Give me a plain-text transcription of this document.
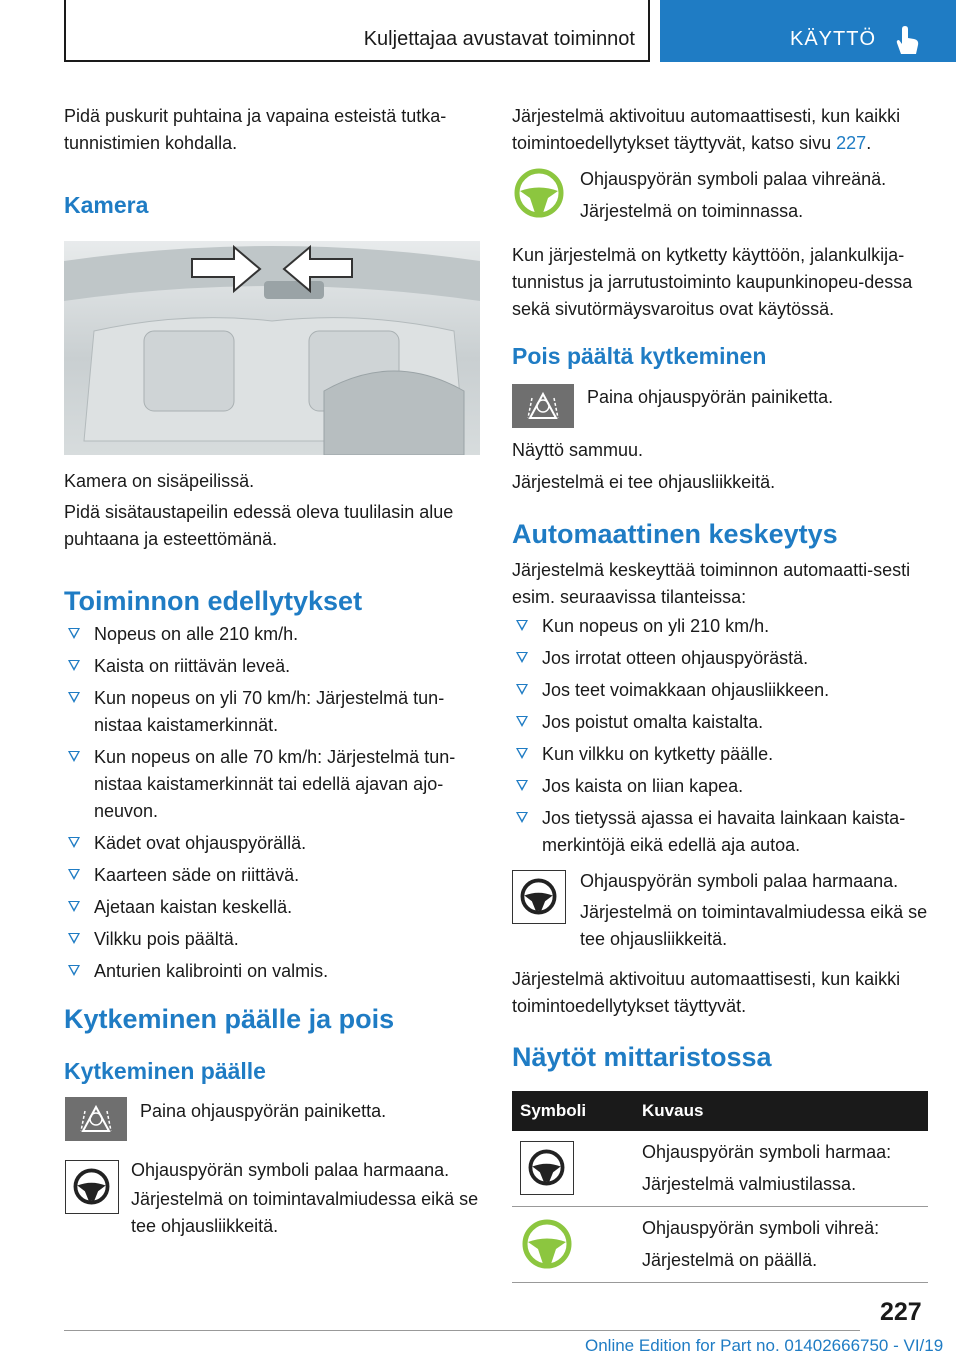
Kuljettajaa avustavat toiminnot	KÄYTTÖ
Pidä puskurit puhtaina ja vapaina esteistä tutka-tunnistimien kohdalla.
Kamera
Kamera on sisäpeilissä.
Pidä sisätaustapeilin edessä oleva tuulilasin alue puhtaana ja esteettömänä.
Toiminnon edellytykset
Nopeus on alle 210 km/h.
Kaista on riittävän leveä.
Kun nopeus on yli 70 km/h: Järjestelmä tun-nistaa kaistamerkinnät.
Kun nopeus on alle 70 km/h: Järjestelmä tun-nistaa kaistamerkinnät tai edellä ajavan ajo-neuvon.
Kädet ovat ohjauspyörällä.
Kaarteen säde on riittävä.
Ajetaan kaistan keskellä.
Vilkku pois päältä.
Anturien kalibrointi on valmis.
Kytkeminen päälle ja pois
Kytkeminen päälle
Paina ohjauspyörän painiketta.
Ohjauspyörän symboli palaa harmaana.
Järjestelmä on toimintavalmiudessa eikä se tee ohjausliikkeitä.
Järjestelmä aktivoituu automaattisesti, kun kaikki toimintoedellytykset täyttyvät, katso sivu 227.
Ohjauspyörän symboli palaa vihreänä.
Järjestelmä on toiminnassa.
Kun järjestelmä on kytketty käyttöön, jalankulkija-tunnistus ja jarrutustoiminto kaupunkinopeu-dessa sekä sivutörmäysvaroitus ovat käytössä.
Pois päältä kytkeminen
Paina ohjauspyörän painiketta.
Näyttö sammuu.
Järjestelmä ei tee ohjausliikkeitä.
Automaattinen keskeytys
Järjestelmä keskeyttää toiminnon automaatti-sesti esim. seuraavissa tilanteissa:
Kun nopeus on yli 210 km/h.
Jos irrotat otteen ohjauspyörästä.
Jos teet voimakkaan ohjausliikkeen.
Jos poistut omalta kaistalta.
Kun vilkku on kytketty päälle.
Jos kaista on liian kapea.
Jos tietyssä ajassa ei havaita lainkaan kaista-merkintöjä eikä edellä aja autoa.
Ohjauspyörän symboli palaa harmaana.
Järjestelmä on toimintavalmiudessa eikä se tee ohjausliikkeitä.
Järjestelmä aktivoituu automaattisesti, kun kaikki toimintoedellytykset täyttyvät.
Näytöt mittaristossa
Symboli	Kuvaus
Ohjauspyörän symboli harmaa:
Järjestelmä valmiustilassa.
Ohjauspyörän symboli vihreä:
Järjestelmä on päällä.
227
Online Edition for Part no. 01402666750 - VI/19
